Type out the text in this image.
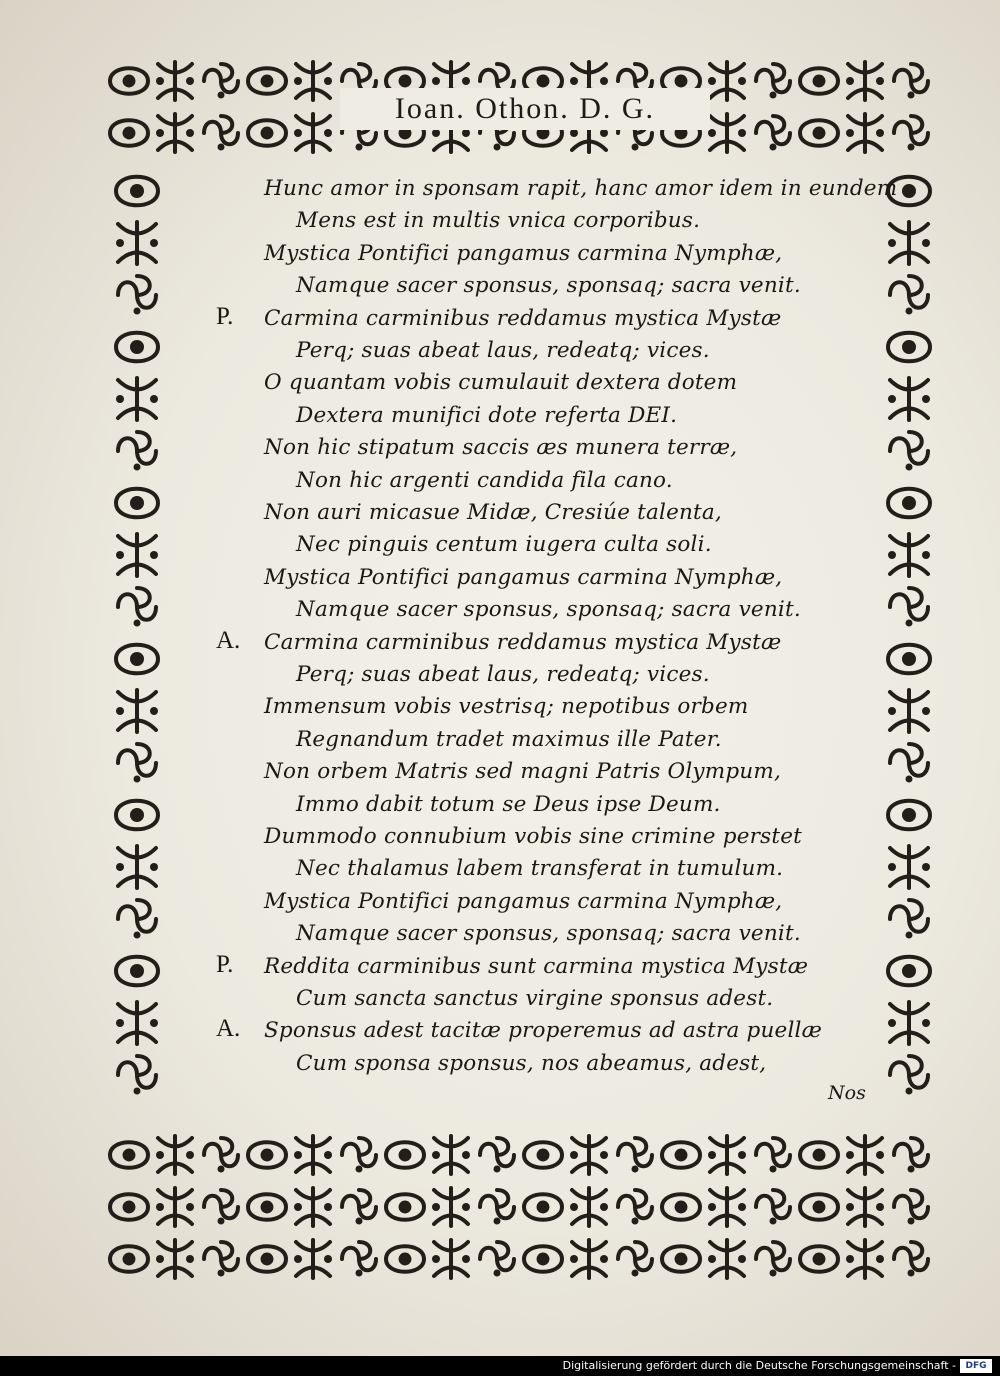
Ioan. Othon. D. G.
Hunc amor in sponsam rapit, hanc amor idem in eundem
Mens est in multis vnica corporibus.
Mystica Pontifici pangamus carmina Nymphæ,
Namque sacer sponsus, sponsaq; sacra venit.
P. Carmina carminibus reddamus mystica Mystæ
Perq; suas abeat laus, redeatq; vices.
O quantam vobis cumulauit dextera dotem
Dextera munifici dote referta DEI.
Non hic stipatum saccis æs munera terræ,
Non hic argenti candida fila cano.
Non auri micasue Midæ, Cresiúe talenta,
Nec pinguis centum iugera culta soli.
Mystica Pontifici pangamus carmina Nymphæ,
Namque sacer sponsus, sponsaq; sacra venit.
A. Carmina carminibus reddamus mystica Mystæ
Perq; suas abeat laus, redeatq; vices.
Immensum vobis vestrisq; nepotibus orbem
Regnandum tradet maximus ille Pater.
Non orbem Matris sed magni Patris Olympum,
Immo dabit totum se Deus ipse Deum.
Dummodo connubium vobis sine crimine perstet
Nec thalamus labem transferat in tumulum.
Mystica Pontifici pangamus carmina Nymphæ,
Namque sacer sponsus, sponsaq; sacra venit.
P. Reddita carminibus sunt carmina mystica Mystæ
Cum sancta sanctus virgine sponsus adest.
A. Sponsus adest tacitæ properemus ad astra puellæ
Cum sponsa sponsus, nos abeamus, adest,
Nos
Digitalisierung gefördert durch die Deutsche Forschungsgemeinschaft -	DFG
